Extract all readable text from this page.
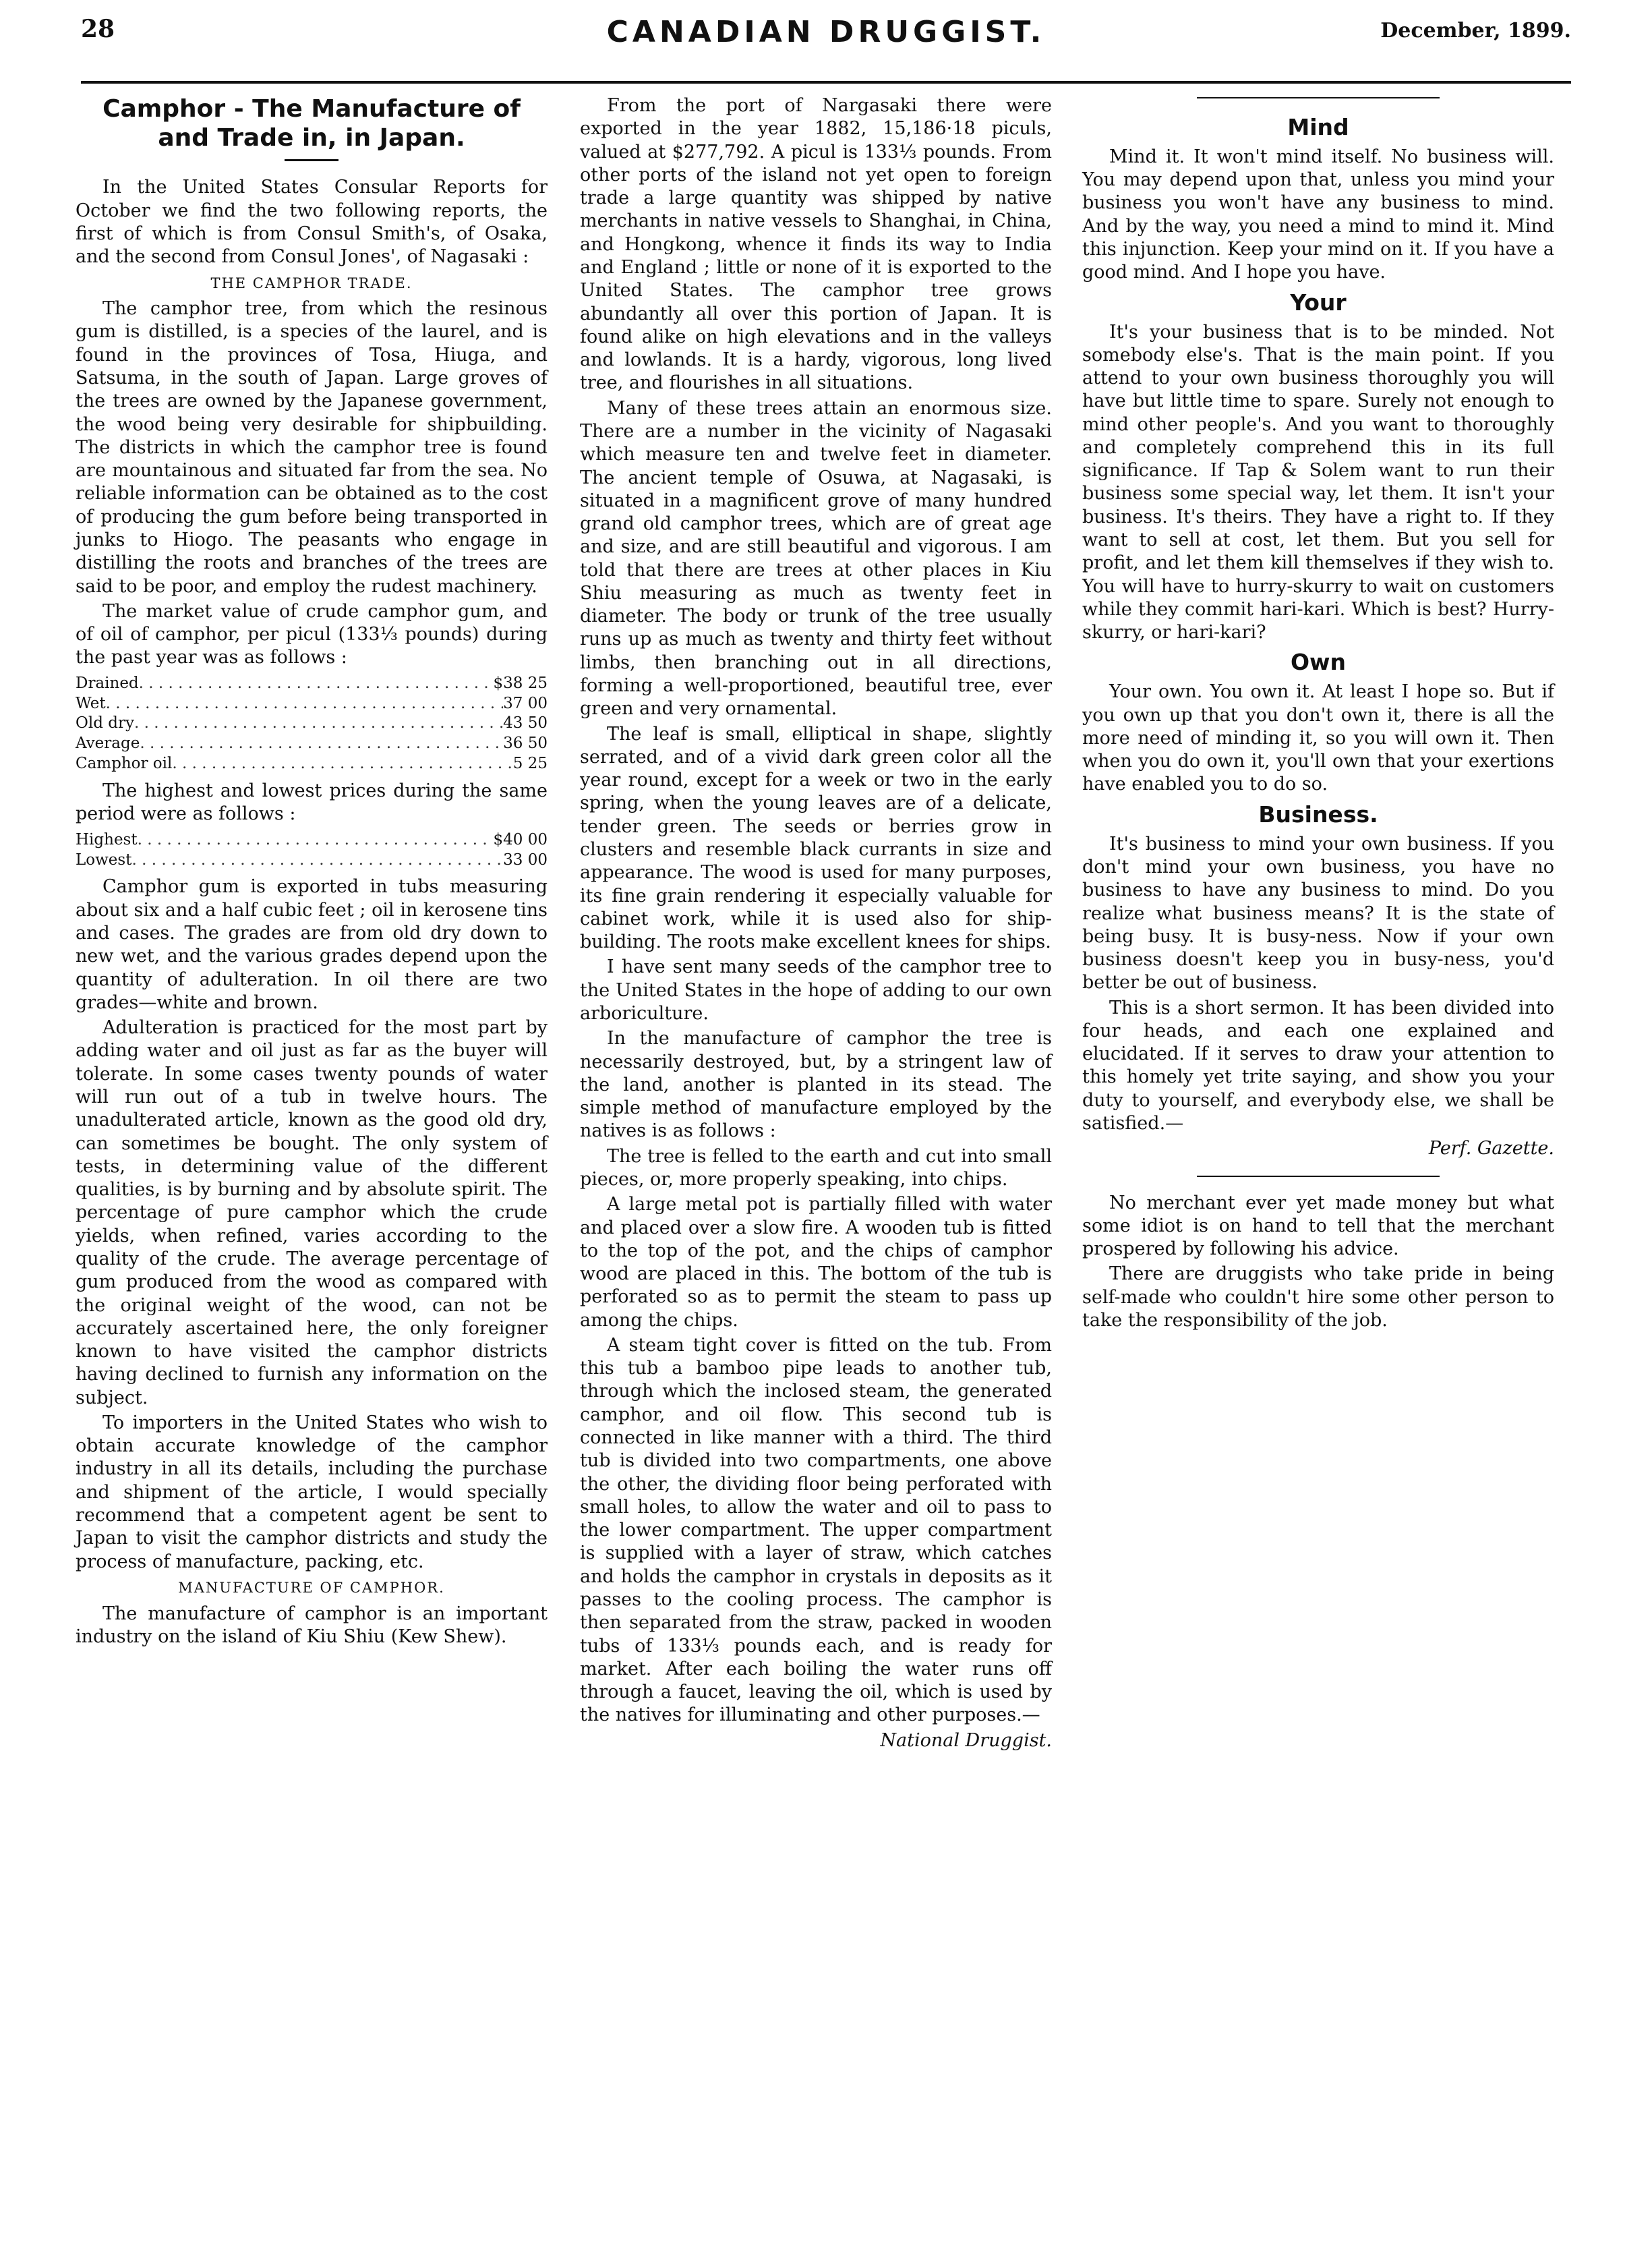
28	CANADIAN DRUGGIST.	December, 1899.
Camphor - The Manufacture of
and Trade in, in Japan.

In the United States Consular Reports for October we find the two following reports, the first of which is from Consul Smith's, of Osaka, and the second from Consul Jones', of Nagasaki :

THE CAMPHOR TRADE.

The camphor tree, from which the resinous gum is distilled, is a species of the laurel, and is found in the provinces of Tosa, Hiuga, and Satsuma, in the south of Japan. Large groves of the trees are owned by the Japanese government, the wood being very desirable for shipbuilding. The districts in which the camphor tree is found are mountainous and situated far from the sea. No reliable information can be obtained as to the cost of producing the gum before being transported in junks to Hiogo. The peasants who engage in distilling the roots and branches of the trees are said to be poor, and employ the rudest machinery.

The market value of crude camphor gum, and of oil of camphor, per picul (133⅓ pounds) during the past year was as follows :

Drained . . .	$38 25
Wet . . .	37 00
Old dry . . .	43 50
Average . . .	36 50
Camphor oil . . .	5 25

The highest and lowest prices during the same period were as follows :

Highest . . .	$40 00
Lowest . . .	33 00

Camphor gum is exported in tubs measuring about six and a half cubic feet ; oil in kerosene tins and cases. The grades are from old dry down to new wet, and the various grades depend upon the quantity of adulteration. In oil there are two grades—white and brown.

Adulteration is practiced for the most part by adding water and oil just as far as the buyer will tolerate. In some cases twenty pounds of water will run out of a tub in twelve hours. The unadulterated article, known as the good old dry, can sometimes be bought. The only system of tests, in determining value of the different qualities, is by burning and by absolute spirit. The percentage of pure camphor which the crude yields, when refined, varies according to the quality of the crude. The average percentage of gum produced from the wood as compared with the original weight of the wood, can not be accurately ascertained here, the only foreigner known to have visited the camphor districts having declined to furnish any information on the subject.

To importers in the United States who wish to obtain accurate knowledge of the camphor industry in all its details, including the purchase and shipment of the article, I would specially recommend that a competent agent be sent to Japan to visit the camphor districts and study the process of manufacture, packing, etc.

MANUFACTURE OF CAMPHOR.

The manufacture of camphor is an important industry on the island of Kiu Shiu (Kew Shew).

From the port of Nargasaki there were exported in the year 1882, 15,186·18 piculs, valued at $277,792. A picul is 133⅓ pounds. From other ports of the island not yet open to foreign trade a large quantity was shipped by native merchants in native vessels to Shanghai, in China, and Hongkong, whence it finds its way to India and England ; little or none of it is exported to the United States. The camphor tree grows abundantly all over this portion of Japan. It is found alike on high elevations and in the valleys and lowlands. It is a hardy, vigorous, long lived tree, and flourishes in all situations.

Many of these trees attain an enormous size. There are a number in the vicinity of Nagasaki which measure ten and twelve feet in diameter. The ancient temple of Osuwa, at Nagasaki, is situated in a magnificent grove of many hundred grand old camphor trees, which are of great age and size, and are still beautiful and vigorous. I am told that there are trees at other places in Kiu Shiu measuring as much as twenty feet in diameter. The body or trunk of the tree usually runs up as much as twenty and thirty feet without limbs, then branching out in all directions, forming a well-proportioned, beautiful tree, ever green and very ornamental.

The leaf is small, elliptical in shape, slightly serrated, and of a vivid dark green color all the year round, except for a week or two in the early spring, when the young leaves are of a delicate, tender green. The seeds or berries grow in clusters and resemble black currants in size and appearance. The wood is used for many purposes, its fine grain rendering it especially valuable for cabinet work, while it is used also for ship-building. The roots make excellent knees for ships.

I have sent many seeds of the camphor tree to the United States in the hope of adding to our own arboriculture.

In the manufacture of camphor the tree is necessarily destroyed, but, by a stringent law of the land, another is planted in its stead. The simple method of manufacture employed by the natives is as follows :

The tree is felled to the earth and cut into small pieces, or, more properly speaking, into chips.

A large metal pot is partially filled with water and placed over a slow fire. A wooden tub is fitted to the top of the pot, and the chips of camphor wood are placed in this. The bottom of the tub is perforated so as to permit the steam to pass up among the chips.

A steam tight cover is fitted on the tub. From this tub a bamboo pipe leads to another tub, through which the inclosed steam, the generated camphor, and oil flow. This second tub is connected in like manner with a third. The third tub is divided into two compartments, one above the other, the dividing floor being perforated with small holes, to allow the water and oil to pass to the lower compartment. The upper compartment is supplied with a layer of straw, which catches and holds the camphor in crystals in deposits as it passes to the cooling process. The camphor is then separated from the straw, packed in wooden tubs of 133⅓ pounds each, and is ready for market. After each boiling the water runs off through a faucet, leaving the oil, which is used by the natives for illuminating and other purposes.—

National Druggist.

Mind

Mind it. It won't mind itself. No business will. You may depend upon that, unless you mind your business you won't have any business to mind. And by the way, you need a mind to mind it. Mind this injunction. Keep your mind on it. If you have a good mind. And I hope you have.

Your

It's your business that is to be minded. Not somebody else's. That is the main point. If you attend to your own business thoroughly you will have but little time to spare. Surely not enough to mind other people's. And you want to thoroughly and completely comprehend this in its full significance. If Tap & Solem want to run their business some special way, let them. It isn't your business. It's theirs. They have a right to. If they want to sell at cost, let them. But you sell for profit, and let them kill themselves if they wish to. You will have to hurry-skurry to wait on customers while they commit hari-kari. Which is best? Hurry-skurry, or hari-kari?

Own

Your own. You own it. At least I hope so. But if you own up that you don't own it, there is all the more need of minding it, so you will own it. Then when you do own it, you'll own that your exertions have enabled you to do so.

Business.

It's business to mind your own business. If you don't mind your own business, you have no business to have any business to mind. Do you realize what business means? It is the state of being busy. It is busy-ness. Now if your own business doesn't keep you in busy-ness, you'd better be out of business.

This is a short sermon. It has been divided into four heads, and each one explained and elucidated. If it serves to draw your attention to this homely yet trite saying, and show you your duty to yourself, and everybody else, we shall be satisfied.—

Perf. Gazette.

No merchant ever yet made money but what some idiot is on hand to tell that the merchant prospered by following his advice.

There are druggists who take pride in being self-made who couldn't hire some other person to take the responsibility of the job.
